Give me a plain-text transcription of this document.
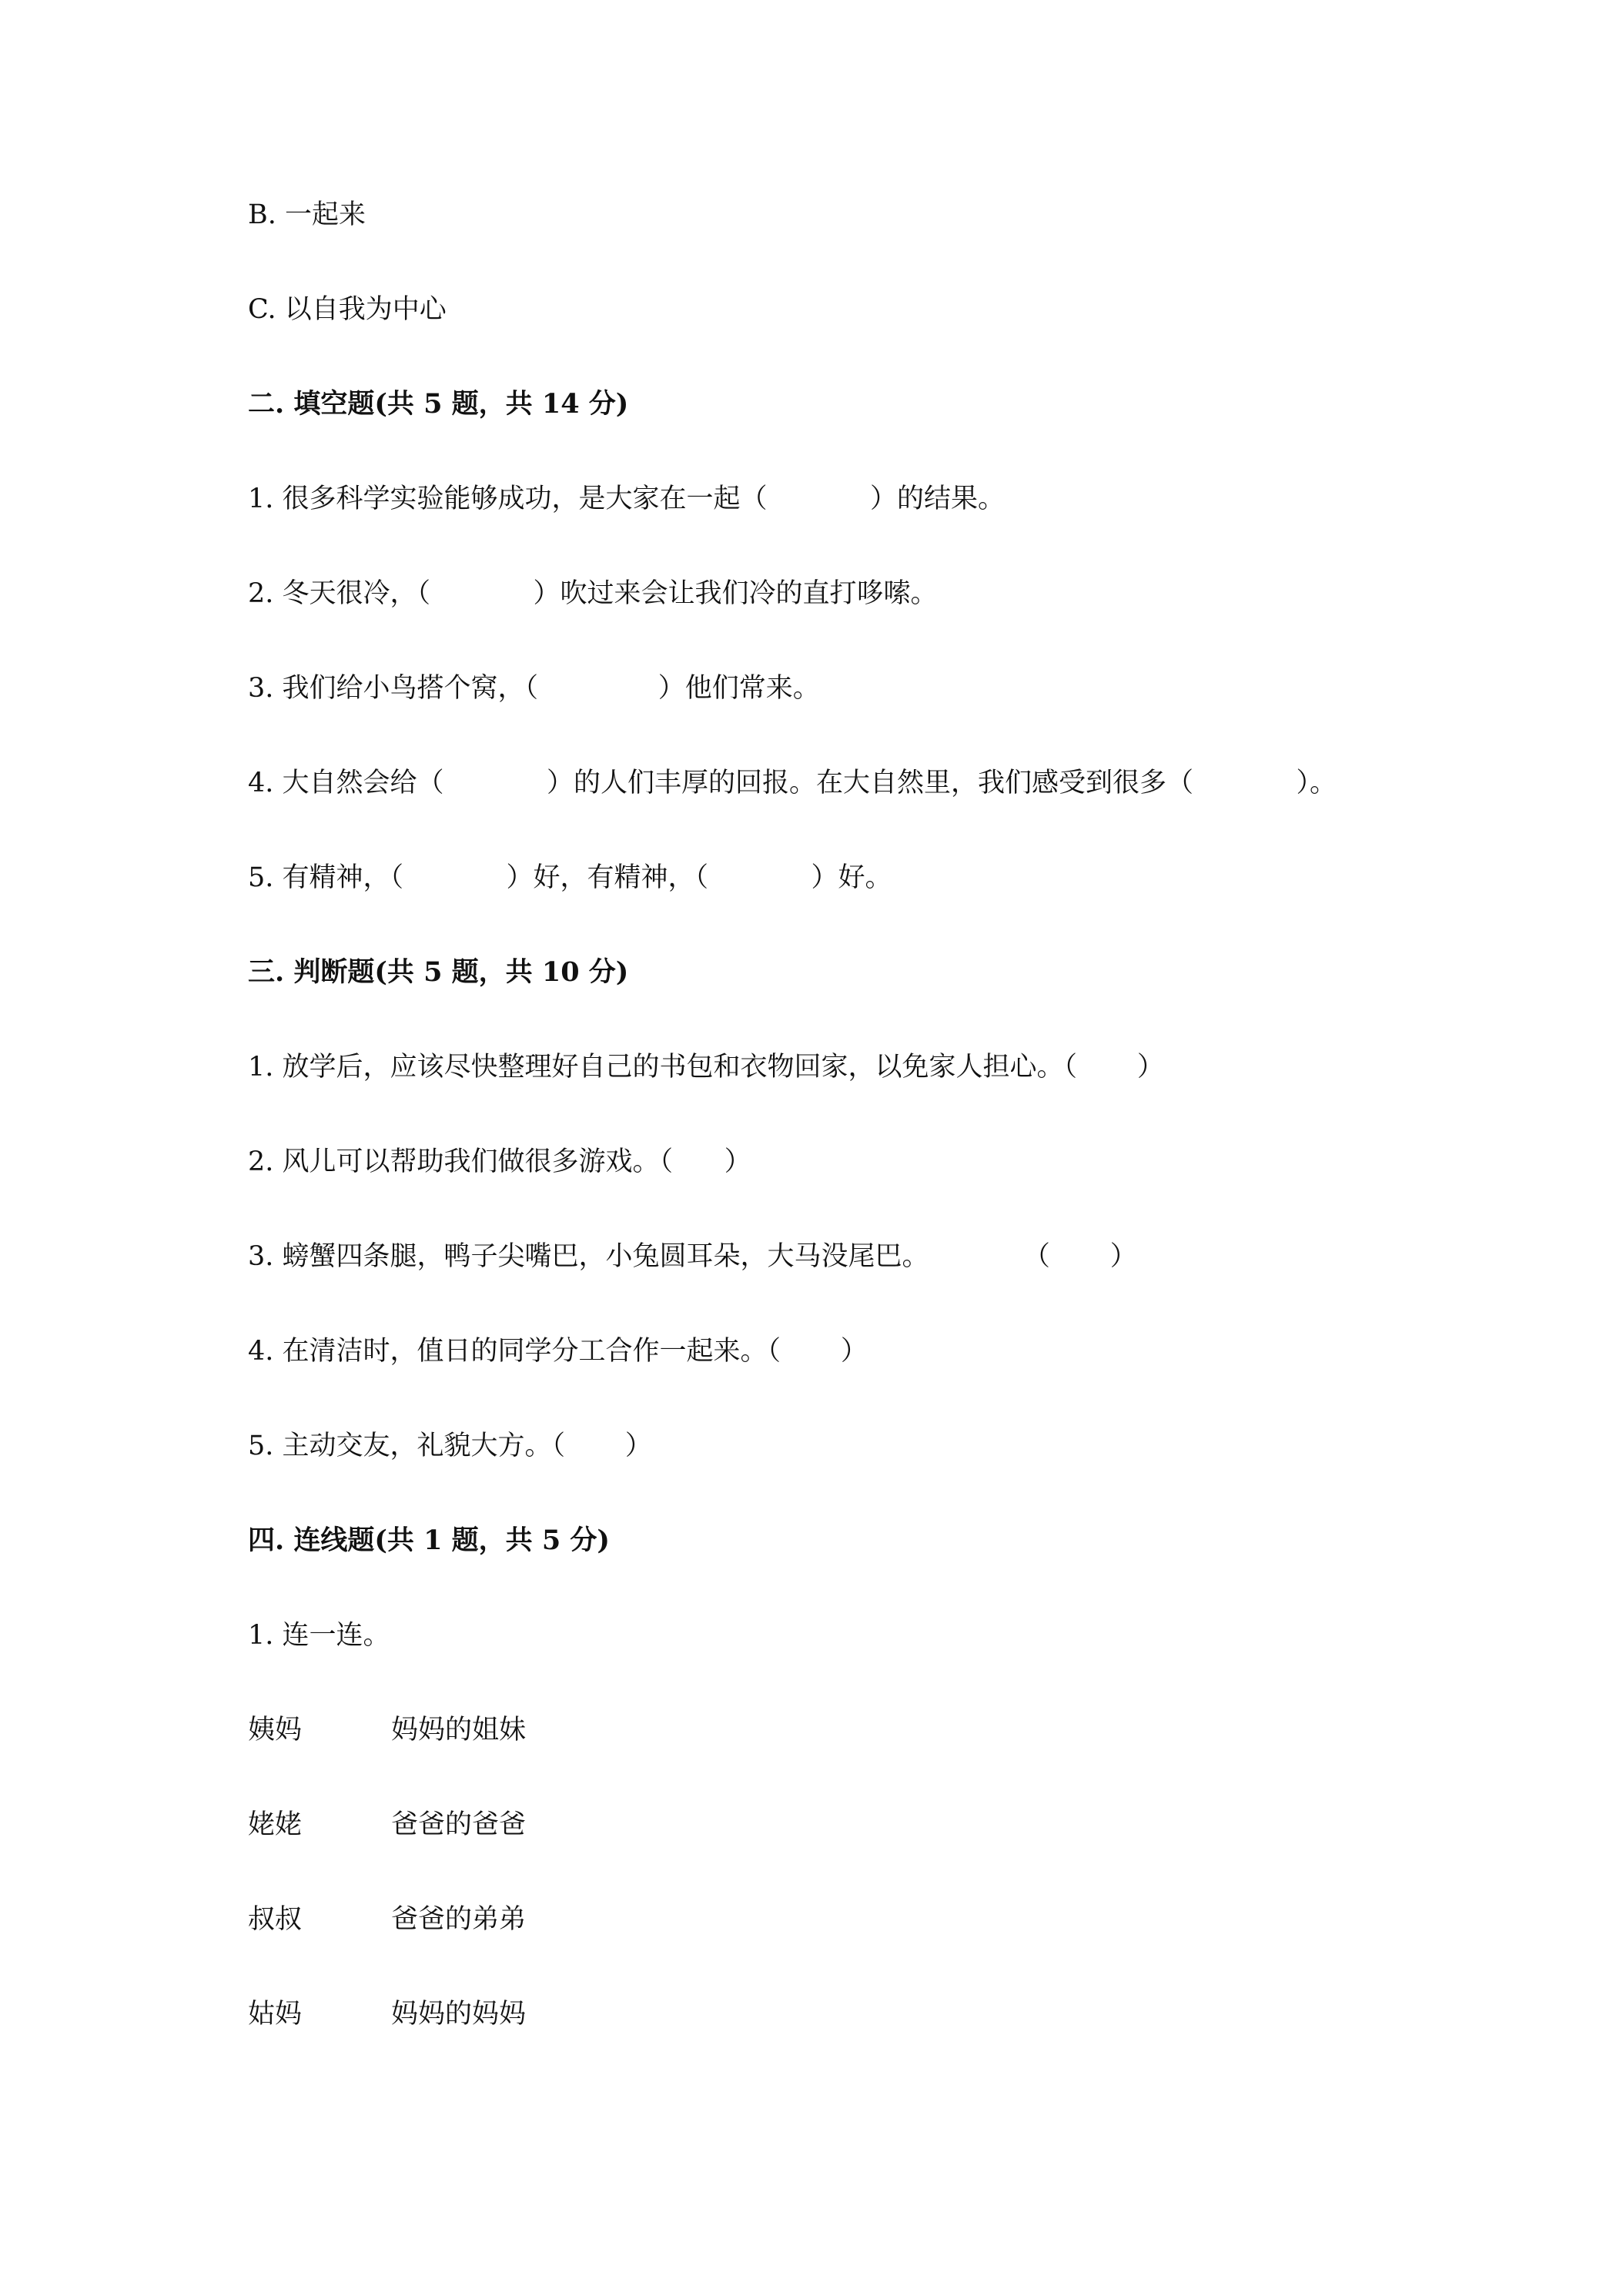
B. 一起来
C. 以自我为中心
二. 填空题(共 5 题，共 14 分)
1. 很多科学实验能够成功，是大家在一起（            ）的结果。
2. 冬天很冷，（            ）吹过来会让我们冷的直打哆嗦。
3. 我们给小鸟搭个窝，（              ）他们常来。
4. 大自然会给（            ）的人们丰厚的回报。在大自然里，我们感受到很多（            ）。
5. 有精神，（            ）好，有精神，（            ）好。
三. 判断题(共 5 题，共 10 分)
1. 放学后，应该尽快整理好自己的书包和衣物回家，以免家人担心。（       ）
2. 风儿可以帮助我们做很多游戏。（      ）
3. 螃蟹四条腿，鸭子尖嘴巴，小兔圆耳朵，大马没尾巴。           （       ）
4. 在清洁时，值日的同学分工合作一起来。（       ）
5. 主动交友，礼貌大方。（       ）
四. 连线题(共 1 题，共 5 分)
1. 连一连。
姨妈	妈妈的姐妹
姥姥	爸爸的爸爸
叔叔	爸爸的弟弟
姑妈	妈妈的妈妈
